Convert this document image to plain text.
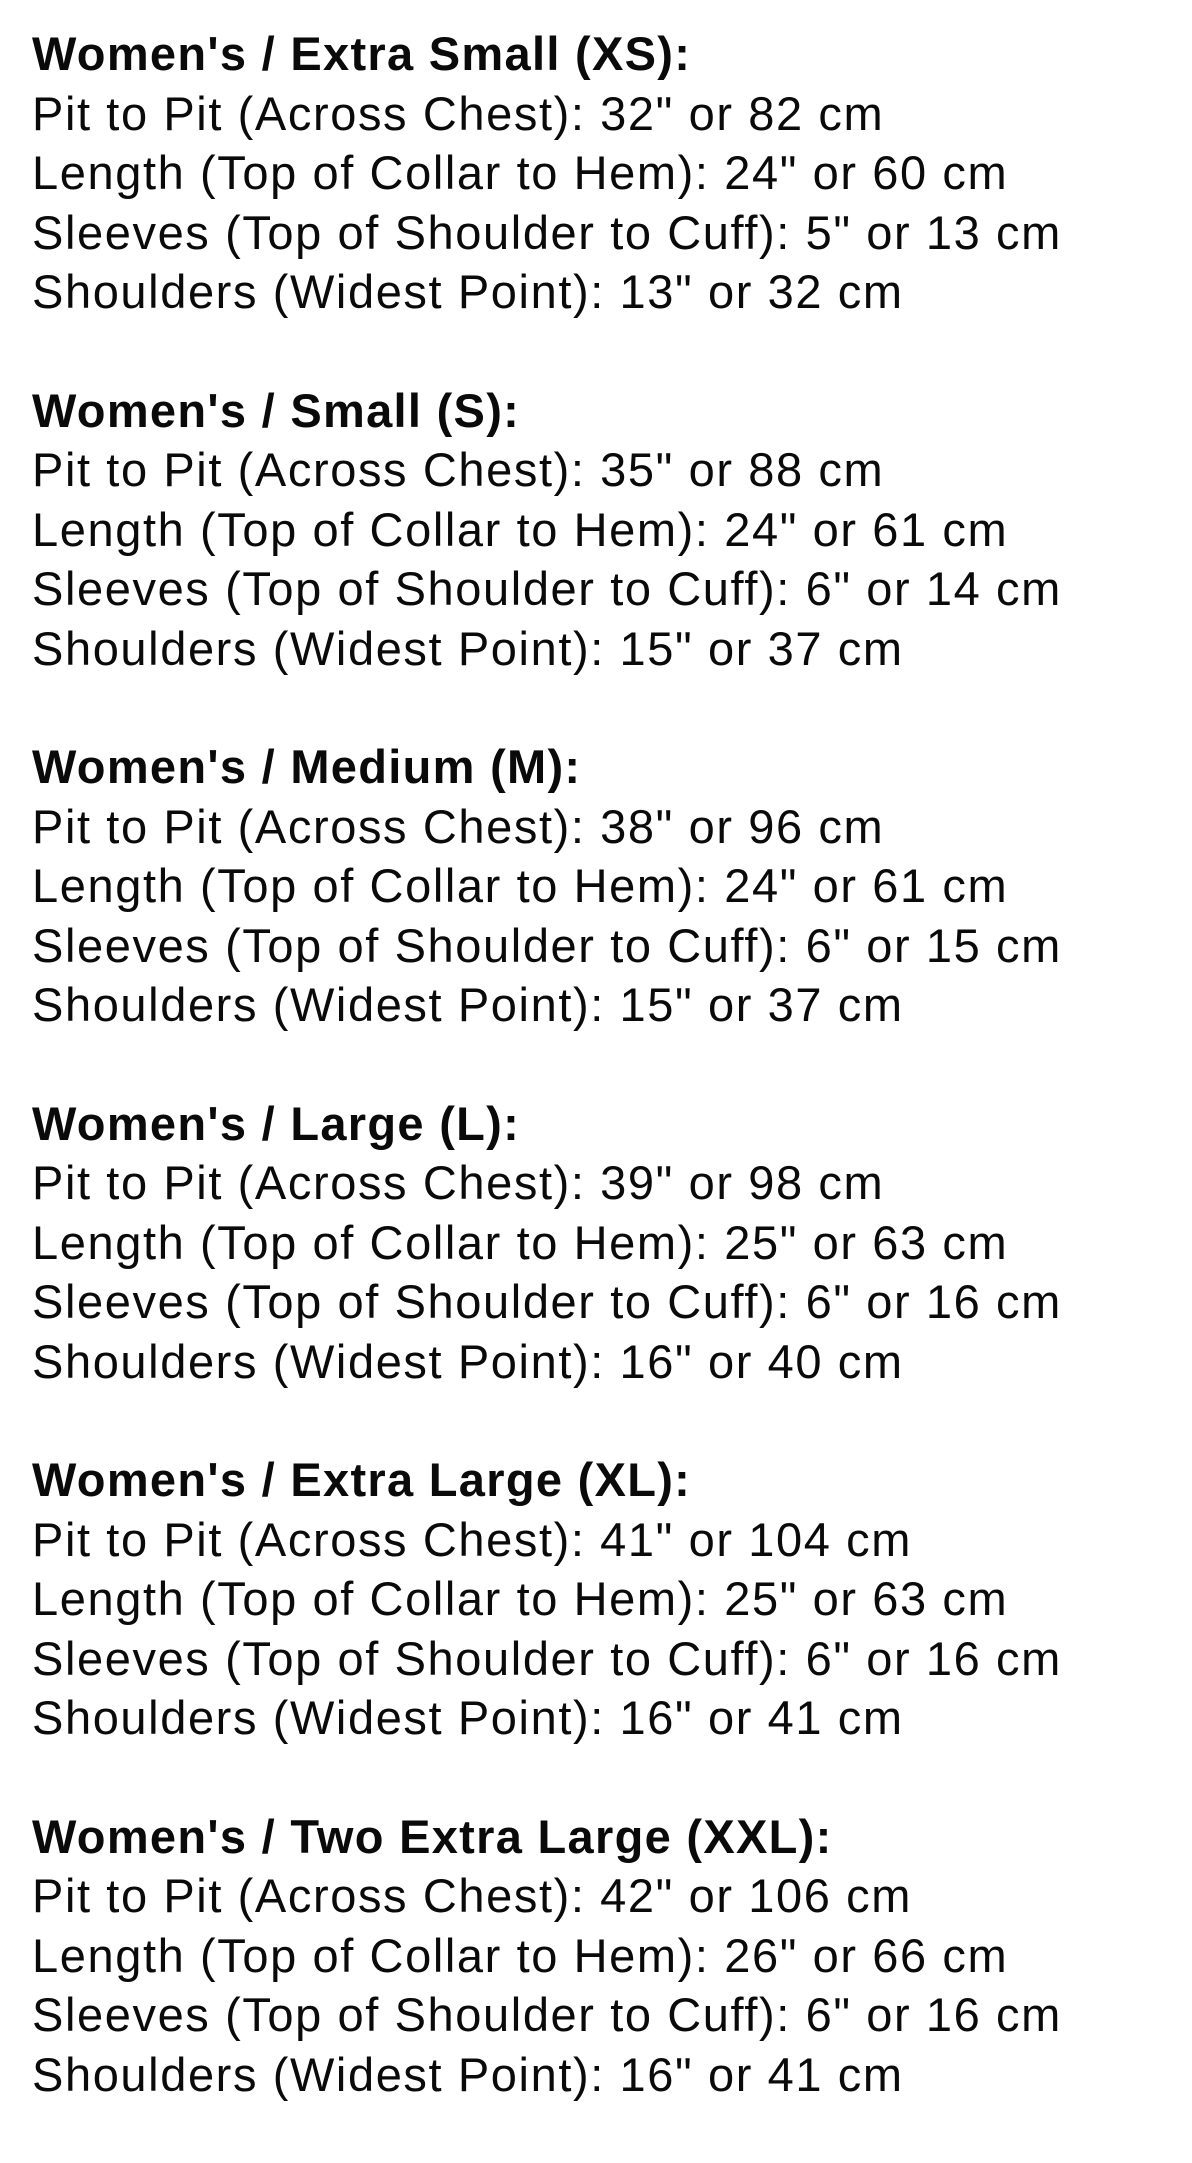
Women's / Extra Small (XS):
Pit to Pit (Across Chest): 32" or 82 cm
Length (Top of Collar to Hem): 24" or 60 cm
Sleeves (Top of Shoulder to Cuff): 5" or 13 cm
Shoulders (Widest Point): 13" or 32 cm
Women's / Small (S):
Pit to Pit (Across Chest): 35" or 88 cm
Length (Top of Collar to Hem): 24" or 61 cm
Sleeves (Top of Shoulder to Cuff): 6" or 14 cm
Shoulders (Widest Point): 15" or 37 cm
Women's / Medium (M):
Pit to Pit (Across Chest): 38" or 96 cm
Length (Top of Collar to Hem): 24" or 61 cm
Sleeves (Top of Shoulder to Cuff): 6" or 15 cm
Shoulders (Widest Point): 15" or 37 cm
Women's / Large (L):
Pit to Pit (Across Chest): 39" or 98 cm
Length (Top of Collar to Hem): 25" or 63 cm
Sleeves (Top of Shoulder to Cuff): 6" or 16 cm
Shoulders (Widest Point): 16" or 40 cm
Women's / Extra Large (XL):
Pit to Pit (Across Chest): 41" or 104 cm
Length (Top of Collar to Hem): 25" or 63 cm
Sleeves (Top of Shoulder to Cuff): 6" or 16 cm
Shoulders (Widest Point): 16" or 41 cm
Women's / Two Extra Large (XXL):
Pit to Pit (Across Chest): 42" or 106 cm
Length (Top of Collar to Hem): 26" or 66 cm
Sleeves (Top of Shoulder to Cuff): 6" or 16 cm
Shoulders (Widest Point): 16" or 41 cm
